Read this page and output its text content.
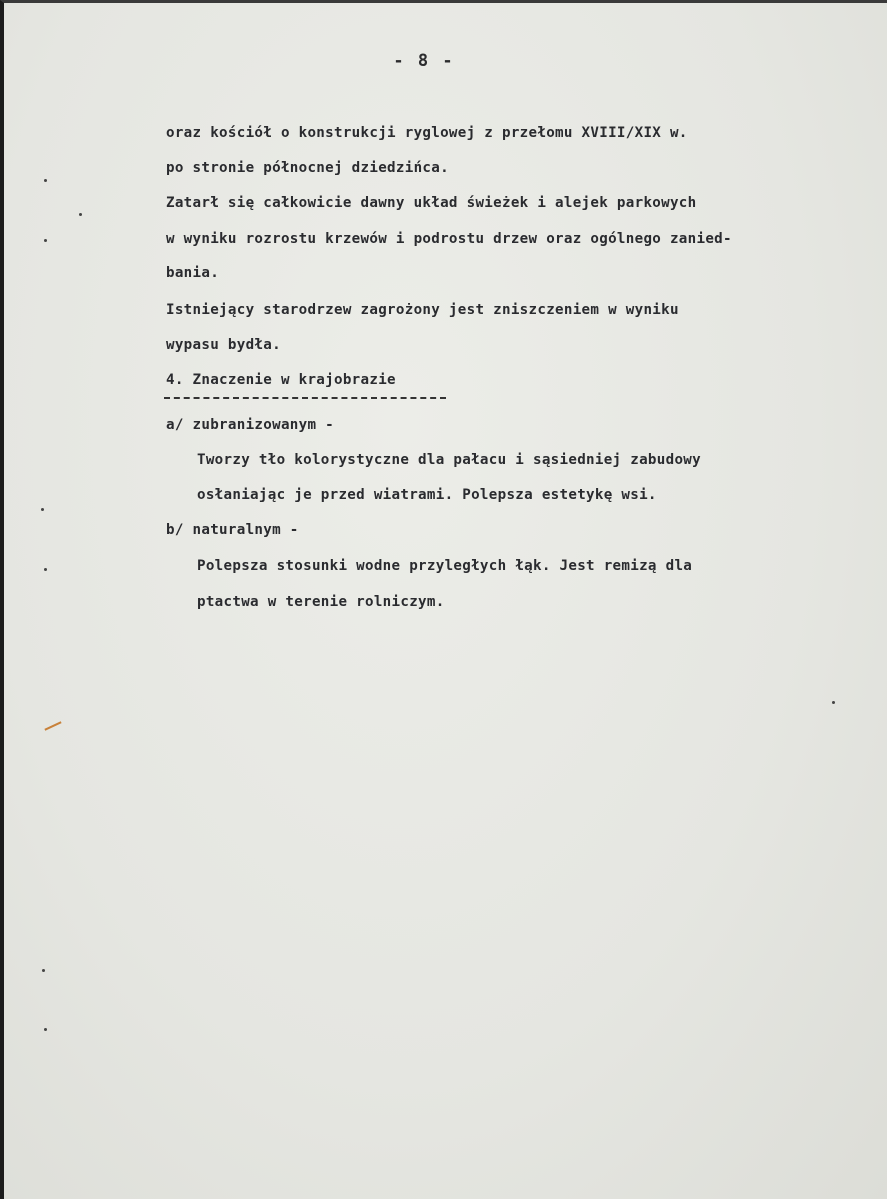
- 8 -
oraz kościół o konstrukcji ryglowej z przełomu XVIII/XIX w.
po stronie północnej dziedzińca.
Zatarł się całkowicie dawny układ świeżek i alejek parkowych
w wyniku rozrostu krzewów i podrostu drzew oraz ogólnego zanied-
bania.
Istniejący starodrzew zagrożony jest zniszczeniem w wyniku
wypasu bydła.
4. Znaczenie w krajobrazie
a/ zubranizowanym -
Tworzy tło kolorystyczne dla pałacu i sąsiedniej zabudowy
osłaniając je przed wiatrami. Polepsza estetykę wsi.
b/ naturalnym -
Polepsza stosunki wodne przyległych łąk. Jest remizą dla
ptactwa w terenie rolniczym.
